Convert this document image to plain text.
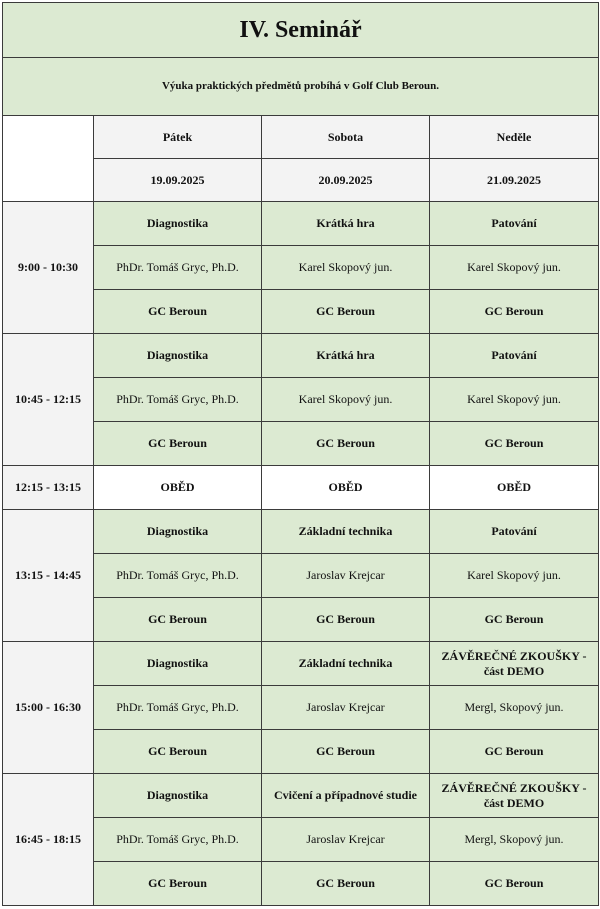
IV. Seminář			
Výuka praktických předmětů probíhá v Golf Club Beroun.			
	Pátek	Sobota	Neděle
	19.09.2025	20.09.2025	21.09.2025
9:00 - 10:30	Diagnostika	Krátká hra	Patování
	PhDr. Tomáš Gryc, Ph.D.	Karel Skopový jun.	Karel Skopový jun.
	GC Beroun	GC Beroun	GC Beroun
10:45 - 12:15	Diagnostika	Krátká hra	Patování
	PhDr. Tomáš Gryc, Ph.D.	Karel Skopový jun.	Karel Skopový jun.
	GC Beroun	GC Beroun	GC Beroun
12:15 - 13:15	OBĚD	OBĚD	OBĚD
13:15 - 14:45	Diagnostika	Základní technika	Patování
	PhDr. Tomáš Gryc, Ph.D.	Jaroslav Krejcar	Karel Skopový jun.
	GC Beroun	GC Beroun	GC Beroun
15:00 - 16:30	Diagnostika	Základní technika	ZÁVĚREČNÉ ZKOUŠKY - část DEMO
	PhDr. Tomáš Gryc, Ph.D.	Jaroslav Krejcar	Mergl, Skopový jun.
	GC Beroun	GC Beroun	GC Beroun
16:45 - 18:15	Diagnostika	Cvičení a případnové studie	ZÁVĚREČNÉ ZKOUŠKY - část DEMO
	PhDr. Tomáš Gryc, Ph.D.	Jaroslav Krejcar	Mergl, Skopový jun.
	GC Beroun	GC Beroun	GC Beroun
